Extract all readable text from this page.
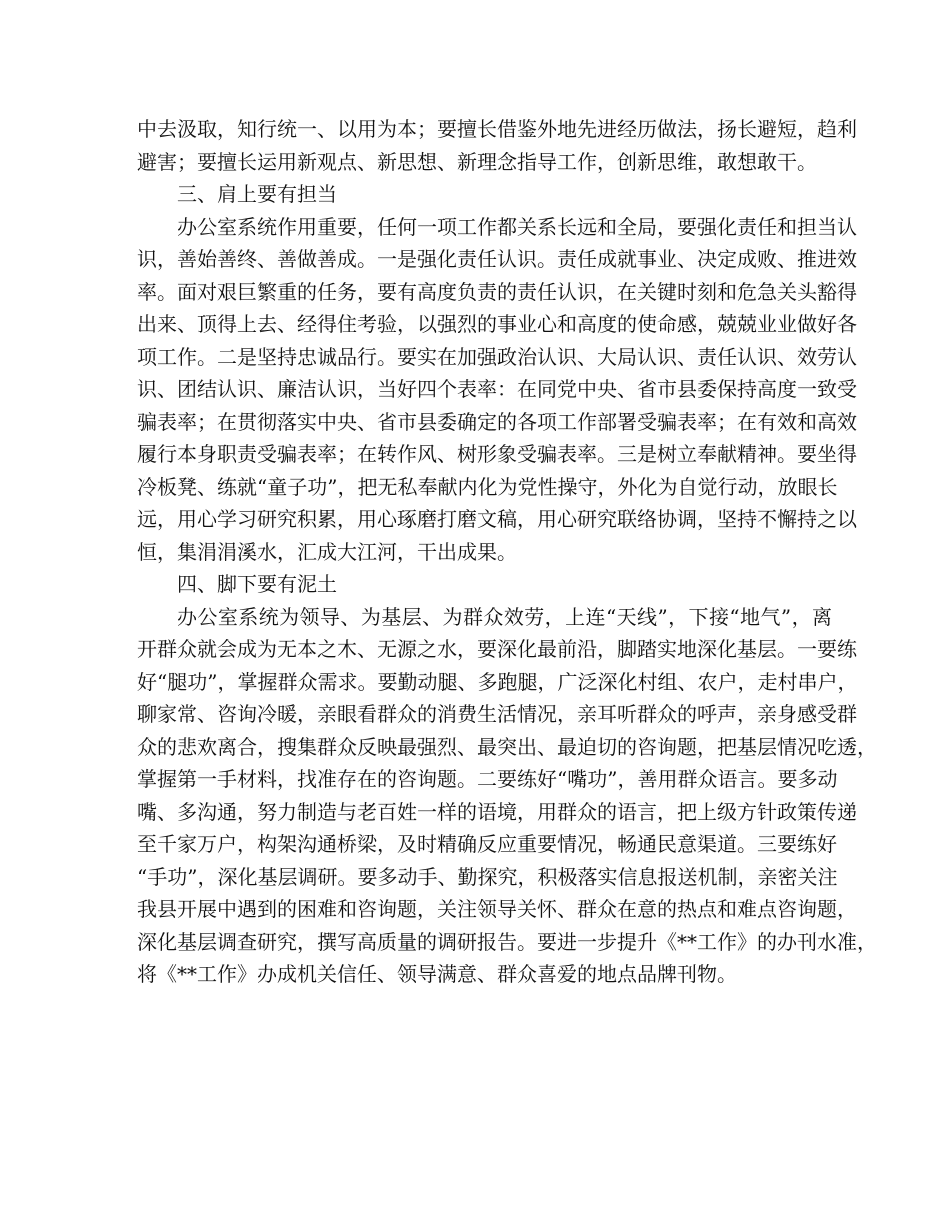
中去汲取，知行统一、以用为本；要擅长借鉴外地先进经历做法，扬长避短，趋利
避害；要擅长运用新观点、新思想、新理念指导工作，创新思维，敢想敢干。
三、肩上要有担当
办公室系统作用重要，任何一项工作都关系长远和全局，要强化责任和担当认
识，善始善终、善做善成。一是强化责任认识。责任成就事业、决定成败、推进效
率。面对艰巨繁重的任务，要有高度负责的责任认识，在关键时刻和危急关头豁得
出来、顶得上去、经得住考验，以强烈的事业心和高度的使命感，兢兢业业做好各
项工作。二是坚持忠诚品行。要实在加强政治认识、大局认识、责任认识、效劳认
识、团结认识、廉洁认识，当好四个表率：在同党中央、省市县委保持高度一致受
骗表率；在贯彻落实中央、省市县委确定的各项工作部署受骗表率；在有效和高效
履行本身职责受骗表率；在转作风、树形象受骗表率。三是树立奉献精神。要坐得
冷板凳、练就“童子功”，把无私奉献内化为党性操守，外化为自觉行动，放眼长
远，用心学习研究积累，用心琢磨打磨文稿，用心研究联络协调，坚持不懈持之以
恒，集涓涓溪水，汇成大江河，干出成果。
四、脚下要有泥土
办公室系统为领导、为基层、为群众效劳，上连“天线”，下接“地气”，离
开群众就会成为无本之木、无源之水，要深化最前沿，脚踏实地深化基层。一要练
好“腿功”，掌握群众需求。要勤动腿、多跑腿，广泛深化村组、农户，走村串户，
聊家常、咨询冷暖，亲眼看群众的消费生活情况，亲耳听群众的呼声，亲身感受群
众的悲欢离合，搜集群众反映最强烈、最突出、最迫切的咨询题，把基层情况吃透，
掌握第一手材料，找准存在的咨询题。二要练好“嘴功”，善用群众语言。要多动
嘴、多沟通，努力制造与老百姓一样的语境，用群众的语言，把上级方针政策传递
至千家万户，构架沟通桥梁，及时精确反应重要情况，畅通民意渠道。三要练好
“手功”，深化基层调研。要多动手、勤探究，积极落实信息报送机制，亲密关注
我县开展中遇到的困难和咨询题，关注领导关怀、群众在意的热点和难点咨询题，
深化基层调查研究，撰写高质量的调研报告。要进一步提升《**工作》的办刊水准，
将《**工作》办成机关信任、领导满意、群众喜爱的地点品牌刊物。
